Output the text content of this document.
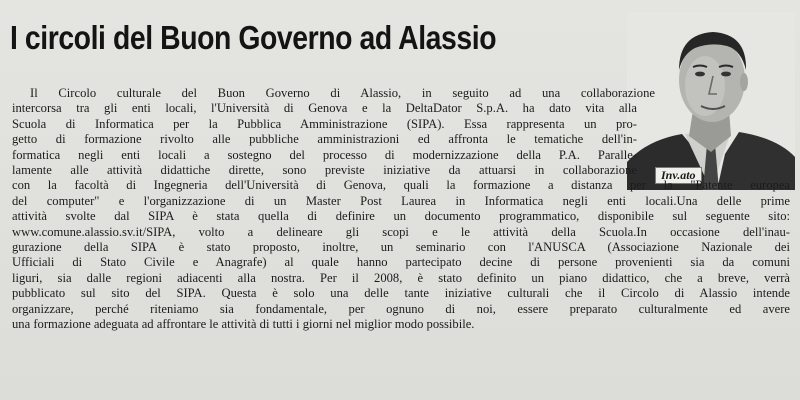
I circoli del Buon Governo ad Alassio
Inv.ato
Il Circolo culturale del Buon Governo di Alassio, in seguito ad una collaborazione
intercorsa tra gli enti locali, l'Università di Genova e la DeltaDator S.p.A. ha dato vita alla
Scuola di Informatica per la Pubblica Amministrazione (SIPA). Essa rappresenta un pro-
getto di formazione rivolto alle pubbliche amministrazioni ed affronta le tematiche dell'in-
formatica negli enti locali a sostegno del processo di modernizzazione della P.A. Paralle-
lamente alle attività didattiche dirette, sono previste iniziative da attuarsi in collaborazione
con la facoltà di Ingegneria dell'Università di Genova, quali la formazione a distanza per la "Patente europea
del computer" e l'organizzazione di un Master Post Laurea in Informatica negli enti locali.Una delle prime
attività svolte dal SIPA è stata quella di definire un documento programmatico, disponibile sul seguente sito:
www.comune.alassio.sv.it/SIPA, volto a delineare gli scopi e le attività della Scuola.In occasione dell'inau-
gurazione della SIPA è stato proposto, inoltre, un seminario con l'ANUSCA (Associazione Nazionale dei
Ufficiali di Stato Civile e Anagrafe) al quale hanno partecipato decine di persone provenienti sia da comuni
liguri, sia dalle regioni adiacenti alla nostra. Per il 2008, è stato definito un piano didattico, che a breve, verrà
pubblicato sul sito del SIPA. Questa è solo una delle tante iniziative culturali che il Circolo di Alassio intende
organizzare, perché riteniamo sia fondamentale, per ognuno di noi, essere preparato culturalmente ed avere
una formazione adeguata ad affrontare le attività di tutti i giorni nel miglior modo possibile.
